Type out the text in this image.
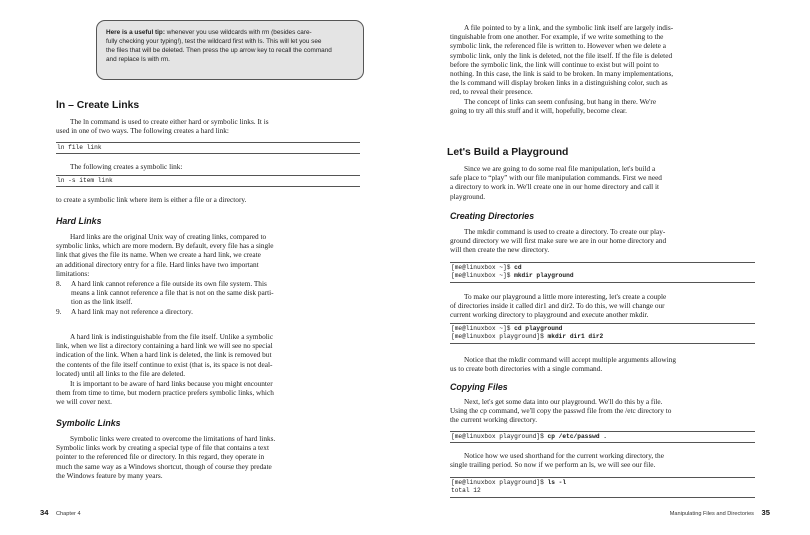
Here is a useful tip: whenever you use wildcards with rm (besides care-
fully checking your typing!), test the wildcard first with ls. This will let you see
the files that will be deleted. Then press the up arrow key to recall the command
and replace ls with rm.
ln – Create Links

The ln command is used to create either hard or symbolic links. It is

used in one of two ways. The following creates a hard link:

ln file link

The following creates a symbolic link:

ln -s item link

to create a symbolic link where item is either a file or a directory.

Hard Links

Hard links are the original Unix way of creating links, compared to

symbolic links, which are more modern. By default, every file has a single

link that gives the file its name. When we create a hard link, we create

an additional directory entry for a file. Hard links have two important

limitations:

8. A hard link cannot reference a file outside its own file system. This
means a link cannot reference a file that is not on the same disk parti-
tion as the link itself.
9. A hard link may not reference a directory.

A hard link is indistinguishable from the file itself. Unlike a symbolic

link, when we list a directory containing a hard link we will see no special

indication of the link. When a hard link is deleted, the link is removed but

the contents of the file itself continue to exist (that is, its space is not deal-

located) until all links to the file are deleted.

It is important to be aware of hard links because you might encounter

them from time to time, but modern practice prefers symbolic links, which

we will cover next.

Symbolic Links

Symbolic links were created to overcome the limitations of hard links.

Symbolic links work by creating a special type of file that contains a text

pointer to the referenced file or directory. In this regard, they operate in

much the same way as a Windows shortcut, though of course they predate

the Windows feature by many years.

34 Chapter 4

A file pointed to by a link, and the symbolic link itself are largely indis-

tinguishable from one another. For example, if we write something to the

symbolic link, the referenced file is written to. However when we delete a

symbolic link, only the link is deleted, not the file itself. If the file is deleted

before the symbolic link, the link will continue to exist but will point to

nothing. In this case, the link is said to be broken. In many implementations,

the ls command will display broken links in a distinguishing color, such as

red, to reveal their presence.

The concept of links can seem confusing, but hang in there. We're

going to try all this stuff and it will, hopefully, become clear.

Let's Build a Playground

Since we are going to do some real file manipulation, let's build a

safe place to “play” with our file manipulation commands. First we need

a directory to work in. We'll create one in our home directory and call it

playground.

Creating Directories

The mkdir command is used to create a directory. To create our play-

ground directory we will first make sure we are in our home directory and

will then create the new directory.

[me@linuxbox ~]$ cd
[me@linuxbox ~]$ mkdir playground

To make our playground a little more interesting, let's create a couple

of directories inside it called dir1 and dir2. To do this, we will change our

current working directory to playground and execute another mkdir.

[me@linuxbox ~]$ cd playground
[me@linuxbox playground]$ mkdir dir1 dir2

Notice that the mkdir command will accept multiple arguments allowing

us to create both directories with a single command.

Copying Files

Next, let's get some data into our playground. We'll do this by a file.

Using the cp command, we'll copy the passwd file from the /etc directory to

the current working directory.

[me@linuxbox playground]$ cp /etc/passwd .

Notice how we used shorthand for the current working directory, the

single trailing period. So now if we perform an ls, we will see our file.

[me@linuxbox playground]$ ls -l
total 12
Manipulating Files and Directories 35
